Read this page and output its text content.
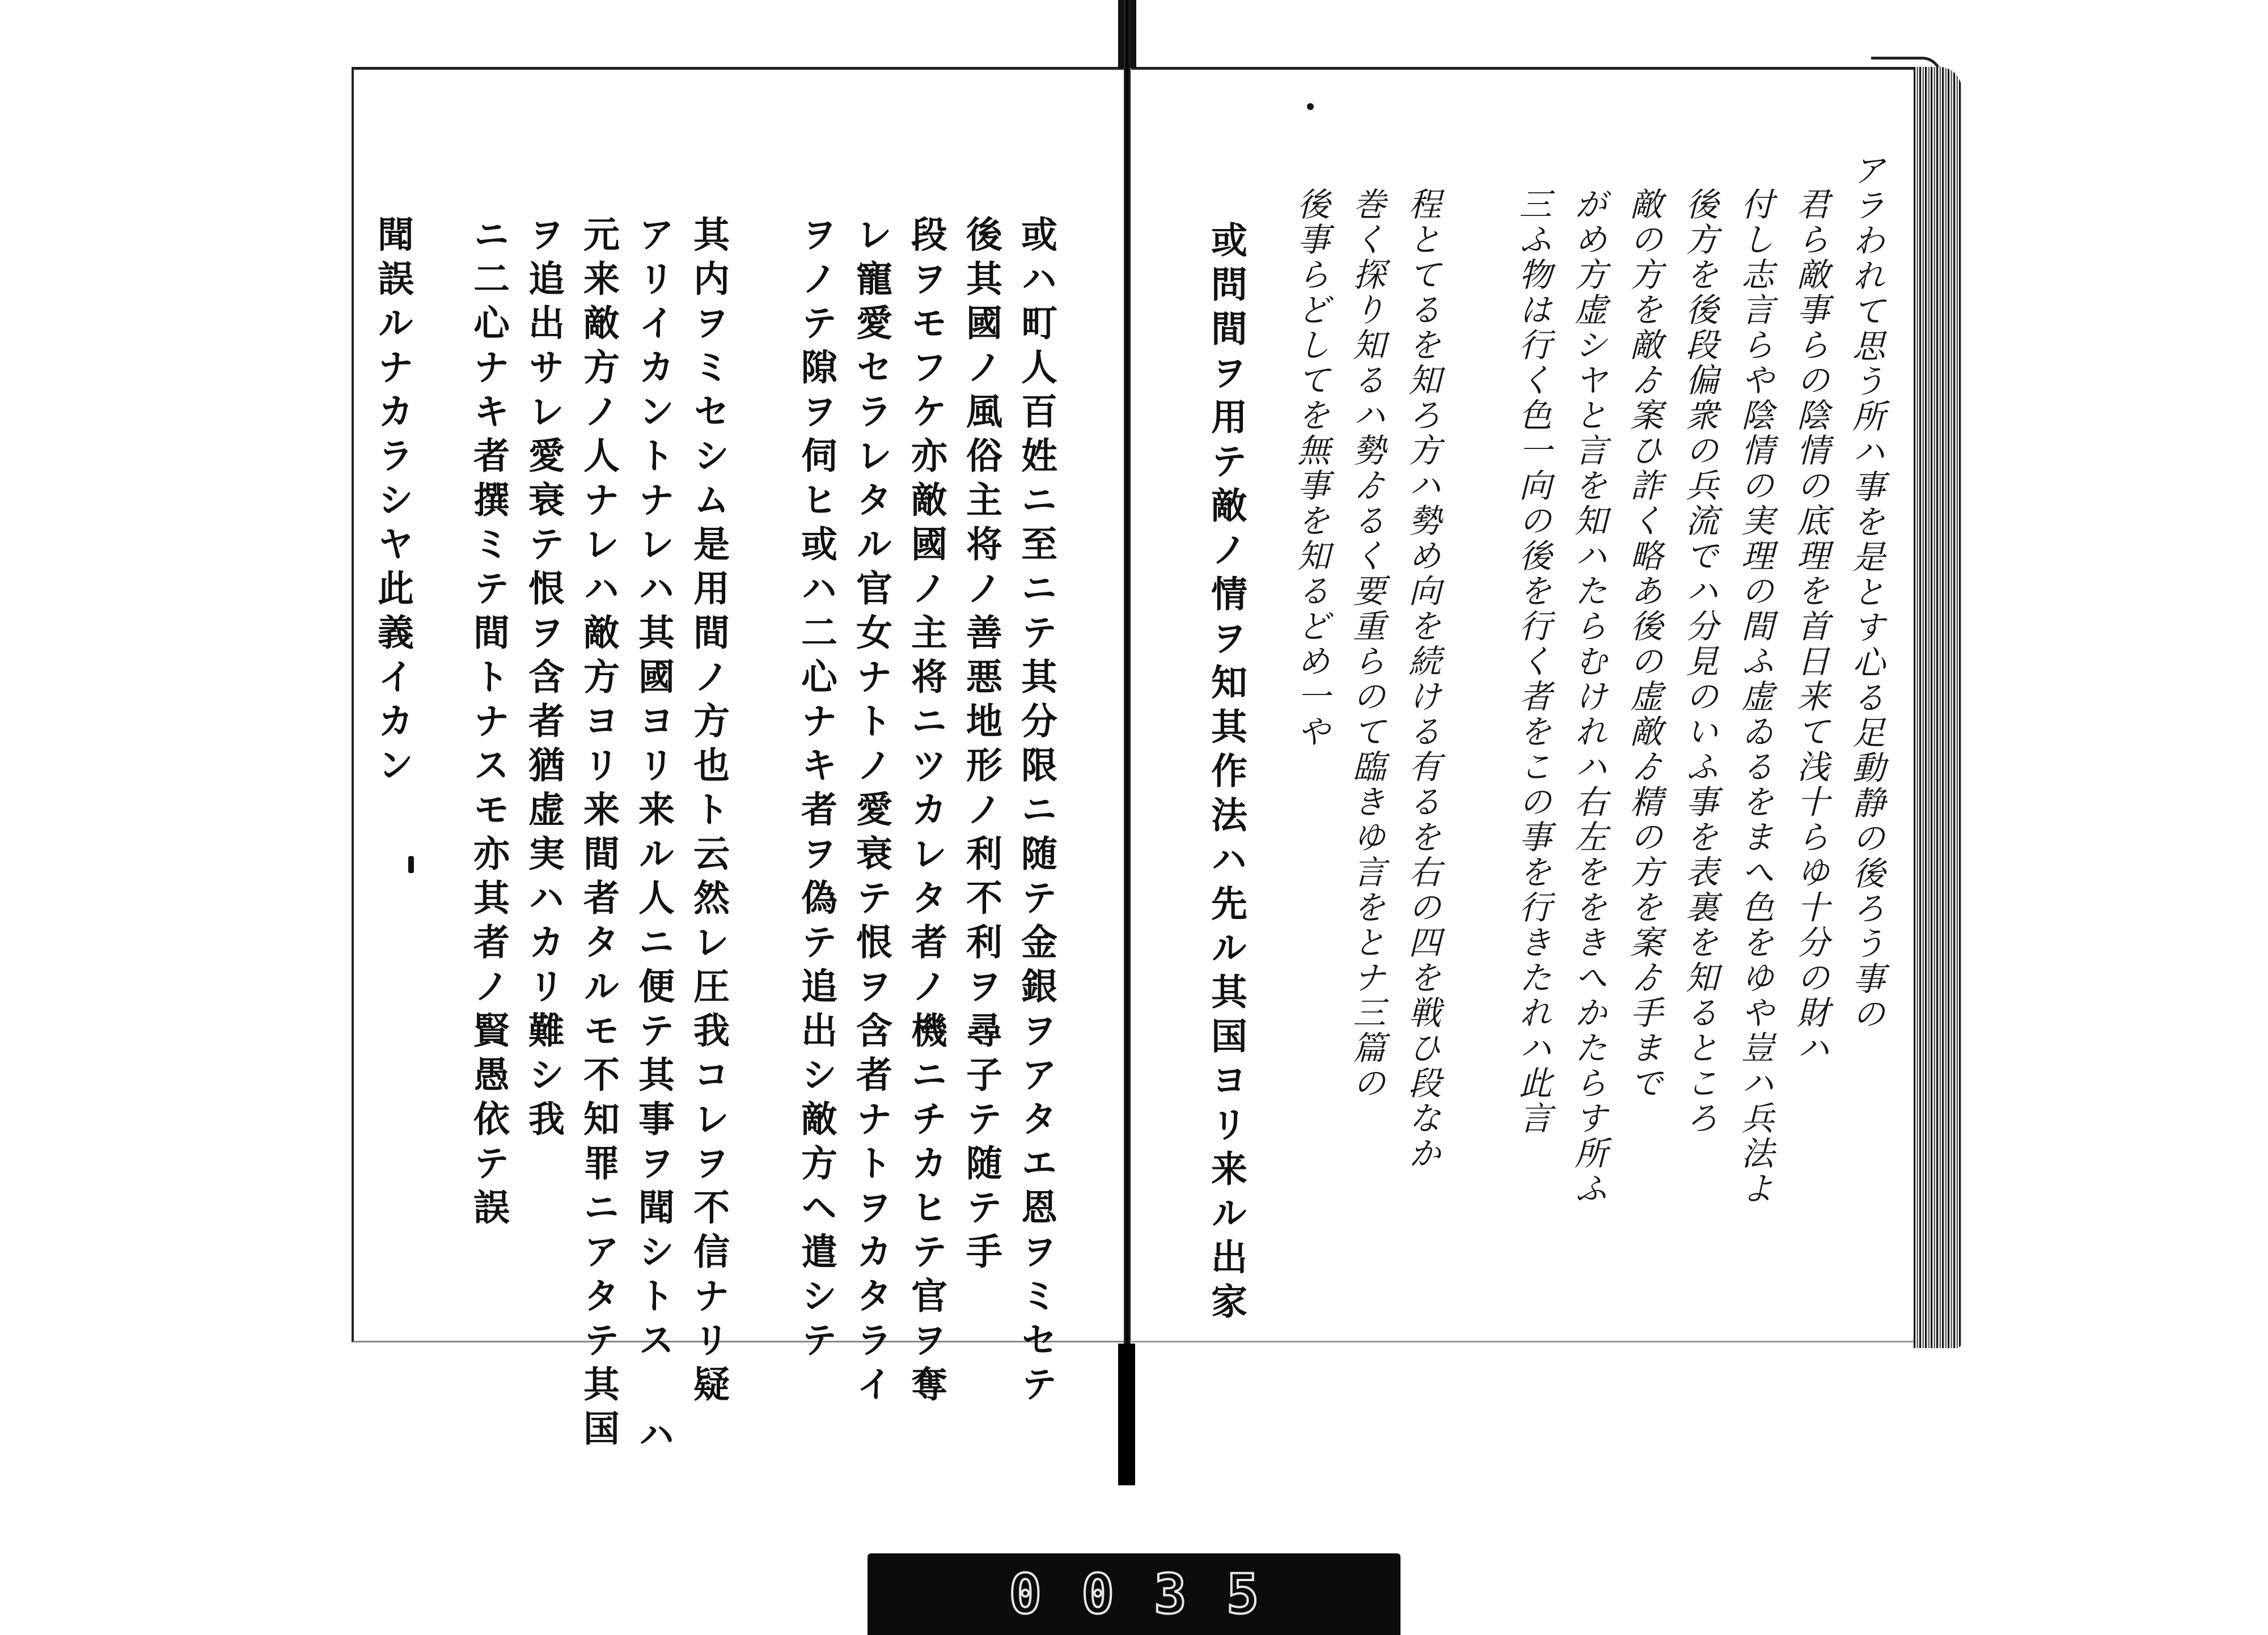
或ハ町人百姓ニ至ニテ其分限ニ随テ金銀ヲアタエ恩ヲミセテ
後其國ノ風俗主将ノ善悪地形ノ利不利ヲ尋子テ随テ手
段ヲモフケ亦敵國ノ主将ニツカレタ者ノ機ニチカヒテ官ヲ奪
レ寵愛セラレタル官女ナトノ愛衰テ恨ヲ含者ナトヲカタライ
ヲノテ隙ヲ伺ヒ或ハ二心ナキ者ヲ偽テ追出シ敵方ヘ遣シテ
其内ヲミセシム是用間ノ方也ト云然レ圧我コレヲ不信ナリ疑
アリイカントナレハ其國ヨリ来ル人ニ便テ其事ヲ聞シトス ハ
元来敵方ノ人ナレハ敵方ヨリ来間者タルモ不知罪ニアタテ其国
ヲ追出サレ愛衰テ恨ヲ含者猶虚実ハカリ難シ我
ニ二心ナキ者撰ミテ間トナスモ亦其者ノ賢愚依テ誤
聞誤ルナカラシヤ此義イカン	アラわれて思う所ハ事を是とす心る足動静の後ろう事の
君ら敵事らの陰情の底理を首日来て浅十らゆ十分の財ハ
付し志言らや陰情の実理の間ふ虚ゐるをまへ色をゆや豈ハ兵法よ
後方を後段偏衆の兵流でハ分見のいふ事を表裏を知るところ
敵の方を敵ゟ案ひ詐く略あ後の虚敵ゟ精の方を案ゟ手まで
がめ方虚シヤと言を知ハたらむけれハ右左ををきへかたらす所ふ
三ふ物は行く色一向の後を行く者をこの事を行きたれハ此言
程とてるを知ろ方ハ勢め向を続ける有るを右の四を戦ひ段なか
巻く探り知るハ勢ゟるく要重らのて臨きゆ言をとナ三篇の
後事らどしてを無事を知るどめ一や
或問間ヲ用テ敵ノ情ヲ知其作法ハ先ル其国ヨリ来ル出家
0035
